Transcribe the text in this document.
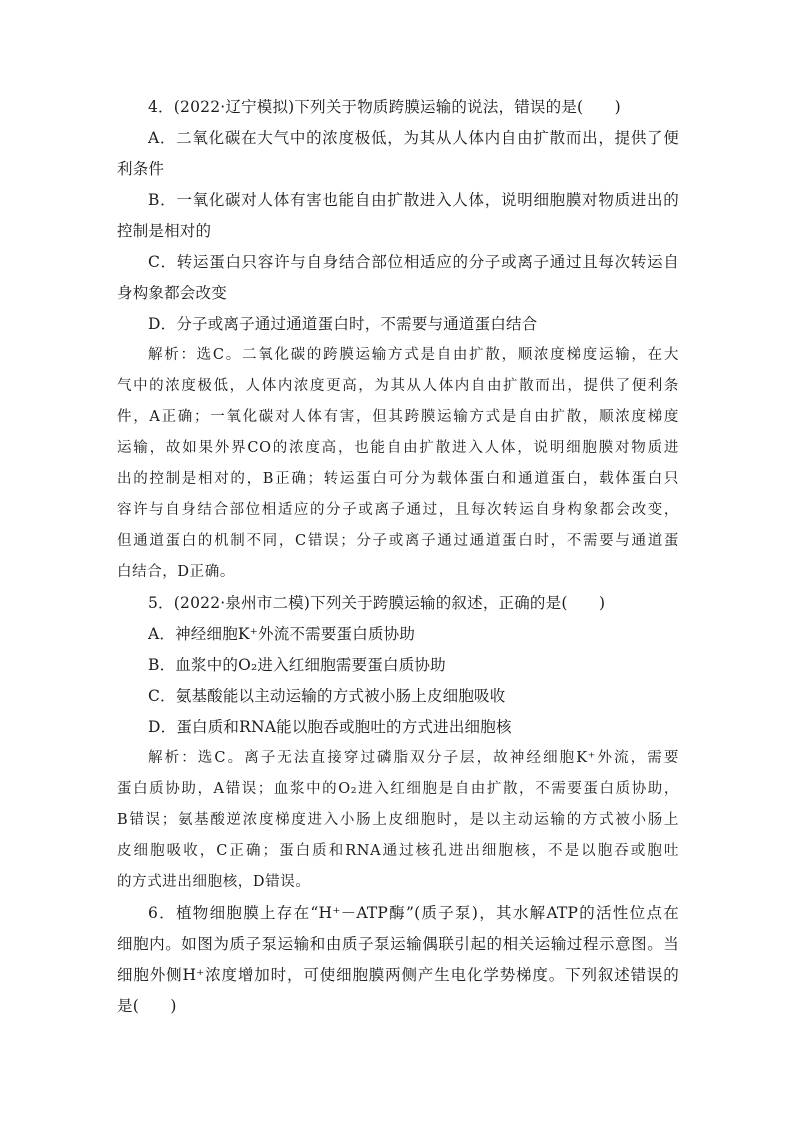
4．(2022·辽宁模拟)下列关于物质跨膜运输的说法，错误的是(　　)
A．二氧化碳在大气中的浓度极低，为其从人体内自由扩散而出，提供了便
利条件
B．一氧化碳对人体有害也能自由扩散进入人体，说明细胞膜对物质进出的
控制是相对的
C．转运蛋白只容许与自身结合部位相适应的分子或离子通过且每次转运自
身构象都会改变
D．分子或离子通过通道蛋白时，不需要与通道蛋白结合
解析：选C。二氧化碳的跨膜运输方式是自由扩散，顺浓度梯度运输，在大
气中的浓度极低，人体内浓度更高，为其从人体内自由扩散而出，提供了便利条
件，A正确；一氧化碳对人体有害，但其跨膜运输方式是自由扩散，顺浓度梯度
运输，故如果外界CO的浓度高，也能自由扩散进入人体，说明细胞膜对物质进
出的控制是相对的，B正确；转运蛋白可分为载体蛋白和通道蛋白，载体蛋白只
容许与自身结合部位相适应的分子或离子通过，且每次转运自身构象都会改变，
但通道蛋白的机制不同，C错误；分子或离子通过通道蛋白时，不需要与通道蛋
白结合，D正确。
5．(2022·泉州市二模)下列关于跨膜运输的叙述，正确的是(　　)
A．神经细胞K⁺外流不需要蛋白质协助
B．血浆中的O₂进入红细胞需要蛋白质协助
C．氨基酸能以主动运输的方式被小肠上皮细胞吸收
D．蛋白质和RNA能以胞吞或胞吐的方式进出细胞核
解析：选C。离子无法直接穿过磷脂双分子层，故神经细胞K⁺外流，需要
蛋白质协助，A错误；血浆中的O₂进入红细胞是自由扩散，不需要蛋白质协助，
B错误；氨基酸逆浓度梯度进入小肠上皮细胞时，是以主动运输的方式被小肠上
皮细胞吸收，C正确；蛋白质和RNA通过核孔进出细胞核，不是以胞吞或胞吐
的方式进出细胞核，D错误。
6．植物细胞膜上存在“H⁺－ATP酶”(质子泵)，其水解ATP的活性位点在
细胞内。如图为质子泵运输和由质子泵运输偶联引起的相关运输过程示意图。当
细胞外侧H⁺浓度增加时，可使细胞膜两侧产生电化学势梯度。下列叙述错误的
是(　　)
